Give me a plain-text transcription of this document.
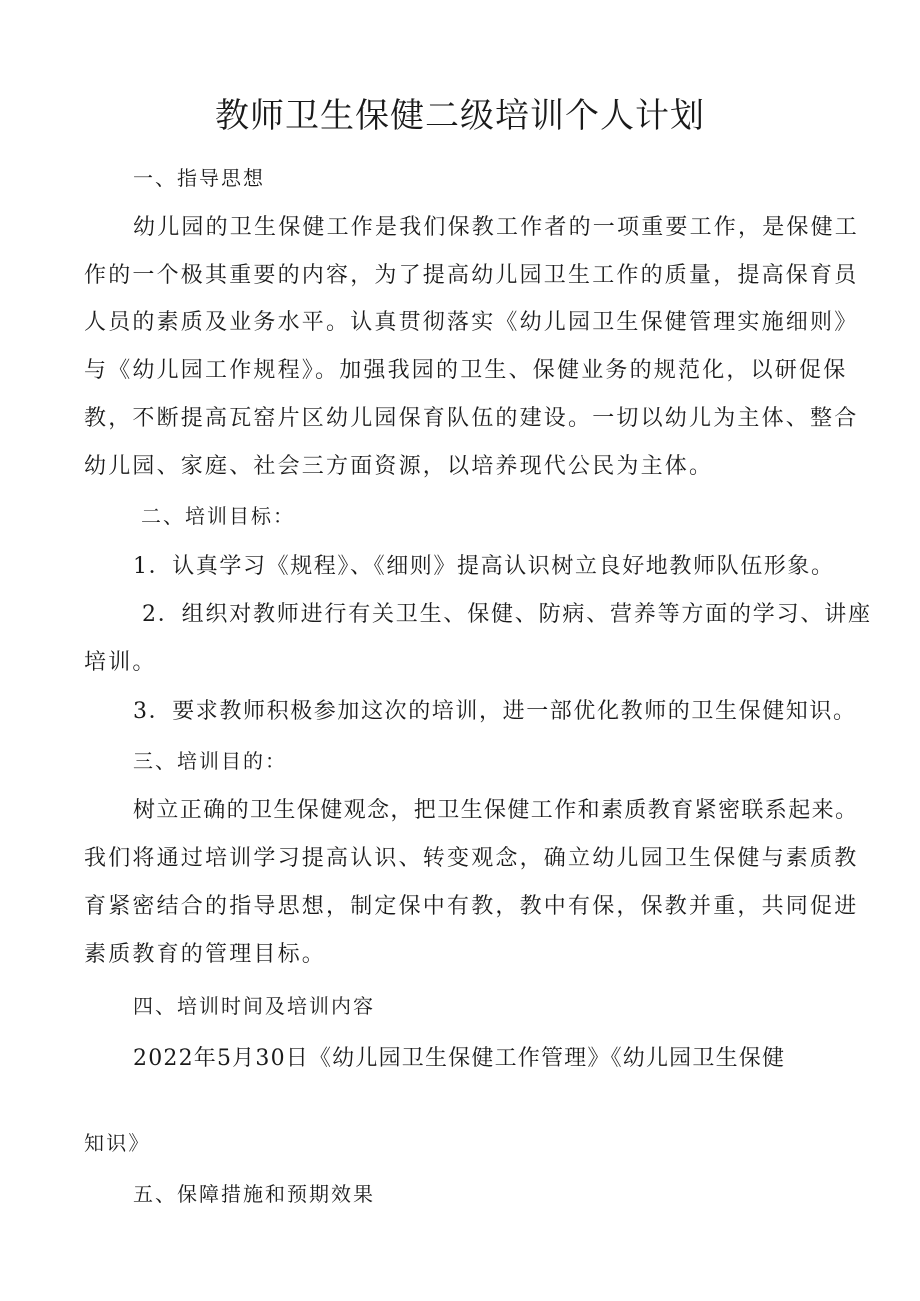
教师卫生保健二级培训个人计划

一、指导思想

幼儿园的卫生保健工作是我们保教工作者的一项重要工作，是保健工

作的一个极其重要的内容，为了提高幼儿园卫生工作的质量，提高保育员

人员的素质及业务水平。认真贯彻落实《幼儿园卫生保健管理实施细则》

与《幼儿园工作规程》。加强我园的卫生、保健业务的规范化，以研促保

教，不断提高瓦窑片区幼儿园保育队伍的建设。一切以幼儿为主体、整合

幼儿园、家庭、社会三方面资源，以培养现代公民为主体。

二、培训目标：

1．认真学习《规程》、《细则》提高认识树立良好地教师队伍形象。

2．组织对教师进行有关卫生、保健、防病、营养等方面的学习、讲座

培训。

3．要求教师积极参加这次的培训，进一部优化教师的卫生保健知识。

三、培训目的：

树立正确的卫生保健观念，把卫生保健工作和素质教育紧密联系起来。

我们将通过培训学习提高认识、转变观念，确立幼儿园卫生保健与素质教

育紧密结合的指导思想，制定保中有教，教中有保，保教并重，共同促进

素质教育的管理目标。

四、培训时间及培训内容

2022年5月30日《幼儿园卫生保健工作管理》《幼儿园卫生保健

知识》

五、保障措施和预期效果
